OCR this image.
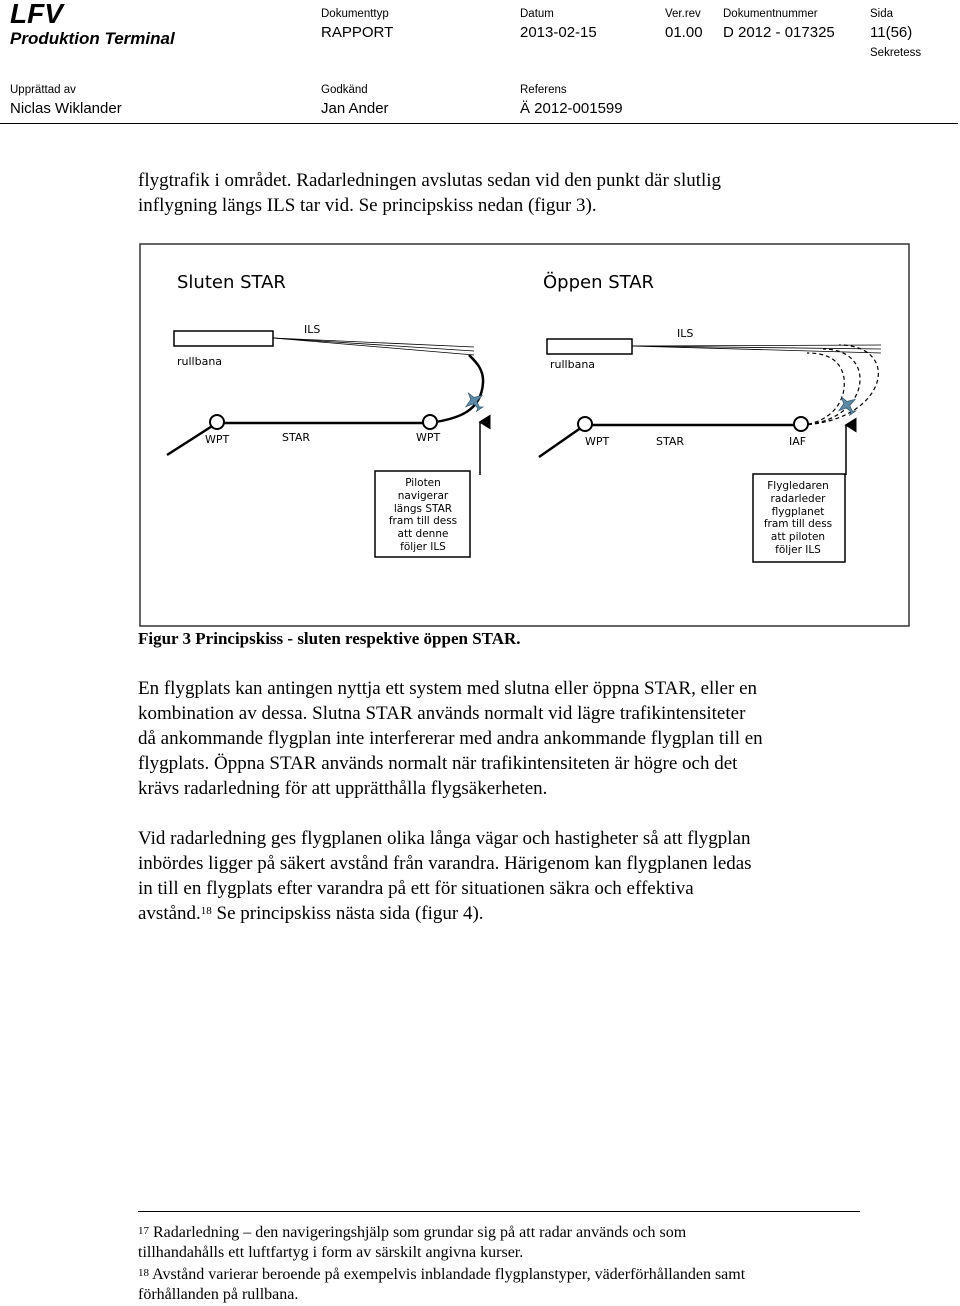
LFV
Produktion Terminal
Dokumenttyp
RAPPORT
Datum
2013-02-15
Ver.rev
01.00
Dokumentnummer
D 2012 - 017325
Sida
11(56)
Sekretess
Upprättad av
Niclas Wiklander
Godkänd
Jan Ander
Referens
Ä 2012-001599

flygtrafik i området. Radarledningen avslutas sedan vid den punkt där slutlig

inflygning längs ILS tar vid. Se principskiss nedan (figur 3).

Sluten STAR
rullbana
ILS
WPT	STAR	WPT
Piloten
navigerar
längs STAR
fram till dess
att denne
följer ILS
Öppen STAR
rullbana
ILS
WPT	STAR	IAF
Flygledaren
radarleder
flygplanet
fram till dess
att piloten
följer ILS
Figur 3 Principskiss - sluten respektive öppen STAR.

En flygplats kan antingen nyttja ett system med slutna eller öppna STAR, eller en

kombination av dessa. Slutna STAR används normalt vid lägre trafikintensiteter

då ankommande flygplan inte interfererar med andra ankommande flygplan till en

flygplats. Öppna STAR används normalt när trafikintensiteten är högre och det

krävs radarledning för att upprätthålla flygsäkerheten.

Vid radarledning ges flygplanen olika långa vägar och hastigheter så att flygplan

inbördes ligger på säkert avstånd från varandra. Härigenom kan flygplanen ledas

in till en flygplats efter varandra på ett för situationen säkra och effektiva

avstånd.$^{18}$ Se principskiss nästa sida (figur 4).

$^{17}$ Radarledning – den navigeringshjälp som grundar sig på att radar används och som
tillhandahålls ett luftfartyg i form av särskilt angivna kurser.
$^{18}$ Avstånd varierar beroende på exempelvis inblandade flygplanstyper, väderförhållanden samt
förhållanden på rullbana.
